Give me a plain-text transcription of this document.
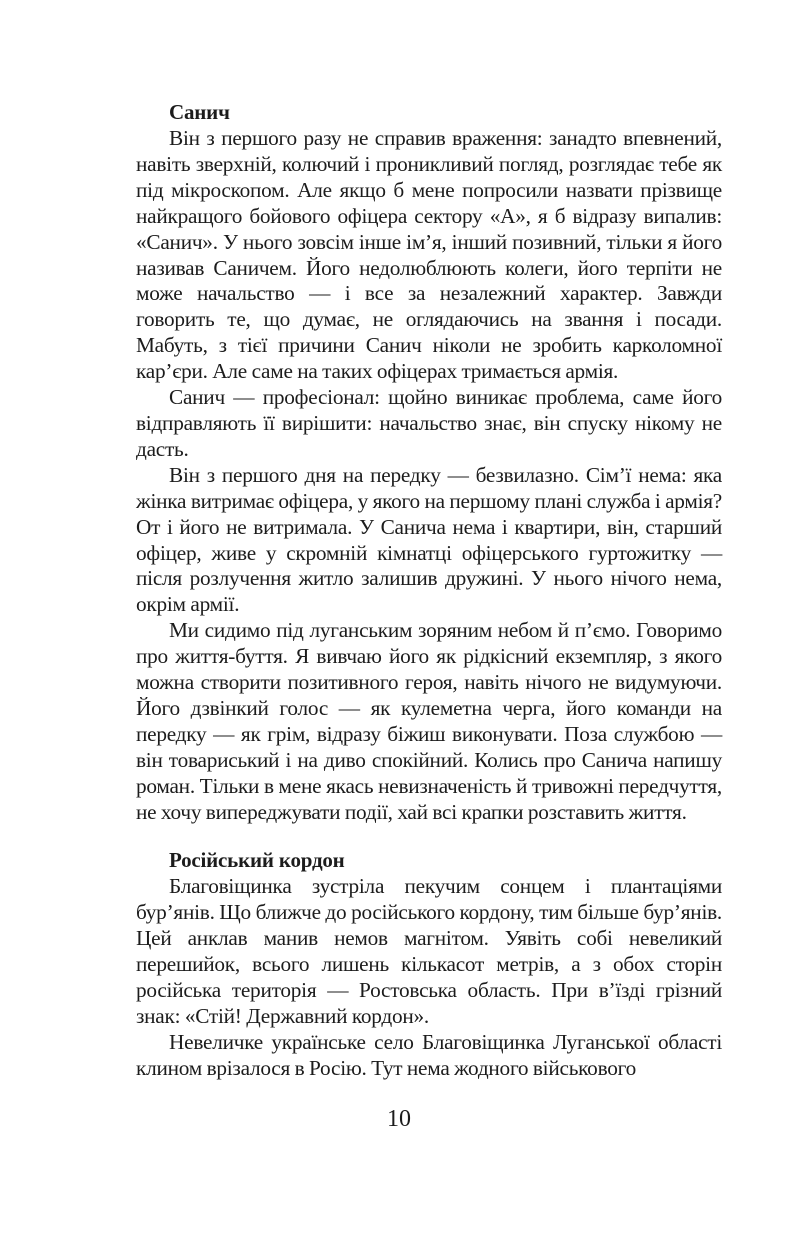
Санич

Він з першого разу не справив враження: занадто впевнений, навіть зверхній, колючий і проникливий погляд, розглядає тебе як під мікроскопом. Але якщо б мене попросили назвати прізвище найкращого бойового офіцера сектору «А», я б відразу випалив: «Санич». У нього зовсім інше ім’я, інший позивний, тільки я його називав Саничем. Його недолюблюють колеги, його терпіти не може начальство — і все за незалежний характер. Завжди говорить те, що думає, не оглядаючись на звання і посади. Мабуть, з тієї причини Санич ніколи не зробить карколомної кар’єри. Але саме на таких офіцерах тримається армія.

Санич — професіонал: щойно виникає проблема, саме його відправляють її вирішити: начальство знає, він спуску нікому не дасть.

Він з першого дня на передку — безвилазно. Сім’ї нема: яка жінка витримає офіцера, у якого на першому плані служба і армія? От і його не витримала. У Санича нема і квартири, він, старший офіцер, живе у скромній кімнатці офіцерського гуртожитку — після розлучення житло залишив дружині. У нього нічого нема, окрім армії.

Ми сидимо під луганським зоряним небом й п’ємо. Говоримо про життя-буття. Я вивчаю його як рідкісний екземпляр, з якого можна створити позитивного героя, навіть нічого не видумуючи. Його дзвінкий голос — як кулеметна черга, його команди на передку — як грім, відразу біжиш виконувати. Поза службою — він товариський і на диво спокійний. Колись про Санича напишу роман. Тільки в мене якась невизначеність й тривожні передчуття, не хочу випереджувати події, хай всі крапки розставить життя.

Російський кордон

Благовіщинка зустріла пекучим сонцем і плантаціями бур’янів. Що ближче до російського кордону, тим більше бур’янів. Цей анклав манив немов магнітом. Уявіть собі невеликий перешийок, всього лишень кількасот метрів, а з обох сторін російська територія — Ростовська область. При в’їзді грізний знак: «Стій! Державний кордон».

Невеличке українське село Благовіщинка Луганської області клином врізалося в Росію. Тут нема жодного військового

10
